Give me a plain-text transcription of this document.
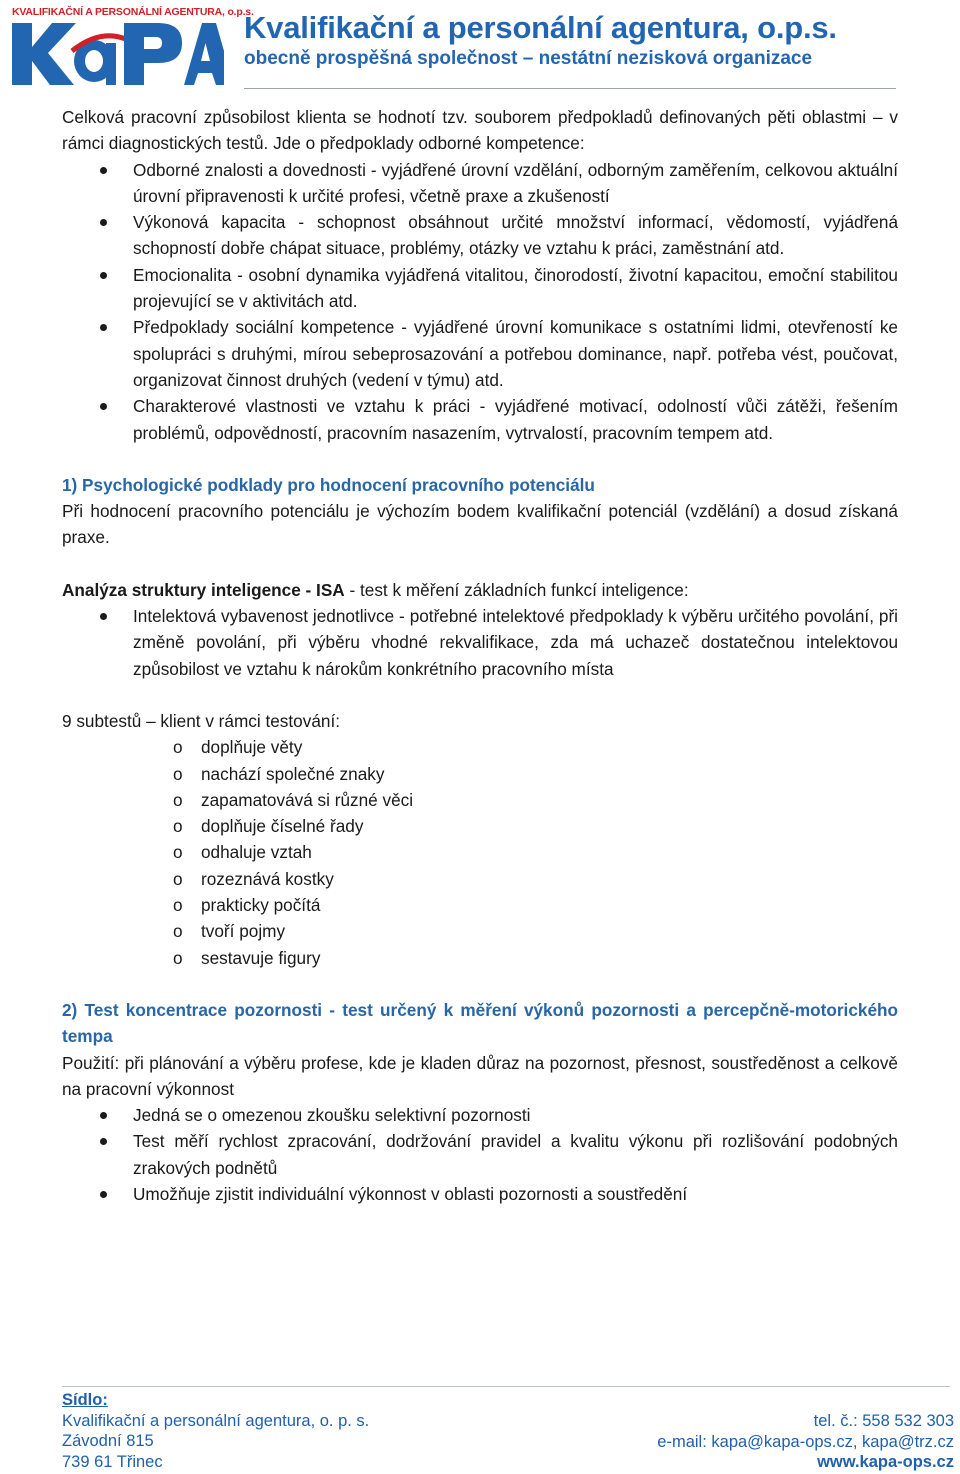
KVALIFIKAČNÍ A PERSONÁLNÍ AGENTURA, o.p.s.
Kvalifikační a personální agentura, o.p.s.
obecně prospěšná společnost – nestátní nezisková organizace

Celková pracovní způsobilost klienta se hodnotí tzv. souborem předpokladů definovaných pěti oblastmi – v rámci diagnostických testů. Jde o předpoklady odborné kompetence:

Odborné znalosti a dovednosti - vyjádřené úrovní vzdělání, odborným zaměřením, celkovou aktuální úrovní připravenosti k určité profesi, včetně praxe a zkušeností
Výkonová kapacita - schopnost obsáhnout určité množství informací, vědomostí, vyjádřená schopností dobře chápat situace, problémy, otázky ve vztahu k práci, zaměstnání atd.
Emocionalita - osobní dynamika vyjádřená vitalitou, činorodostí, životní kapacitou, emoční stabilitou projevující se v aktivitách atd.
Předpoklady sociální kompetence - vyjádřené úrovní komunikace s ostatními lidmi, otevřeností ke spolupráci s druhými, mírou sebeprosazování a potřebou dominance, např. potřeba vést, poučovat, organizovat činnost druhých (vedení v týmu) atd.
Charakterové vlastnosti ve vztahu k práci - vyjádřené motivací, odolností vůči zátěži, řešením problémů, odpovědností, pracovním nasazením, vytrvalostí, pracovním tempem atd.

1) Psychologické podklady pro hodnocení pracovního potenciálu

Při hodnocení pracovního potenciálu je výchozím bodem kvalifikační potenciál (vzdělání) a dosud získaná praxe.

Analýza struktury inteligence - ISA - test k měření základních funkcí inteligence:

Intelektová vybavenost jednotlivce - potřebné intelektové předpoklady k výběru určitého povolání, při změně povolání, při výběru vhodné rekvalifikace, zda má uchazeč dostatečnou intelektovou způsobilost ve vztahu k nárokům konkrétního pracovního místa

9 subtestů – klient v rámci testování:

o doplňuje věty
o nachází společné znaky
o zapamatovává si různé věci
o doplňuje číselné řady
o odhaluje vztah
o rozeznává kostky
o prakticky počítá
o tvoří pojmy
o sestavuje figury

2) Test koncentrace pozornosti - test určený k měření výkonů pozornosti a percepčně-motorického tempa

Použití: při plánování a výběru profese, kde je kladen důraz na pozornost, přesnost, soustředěnost a celkově na pracovní výkonnost

Jedná se o omezenou zkoušku selektivní pozornosti
Test měří rychlost zpracování, dodržování pravidel a kvalitu výkonu při rozlišování podobných zrakových podnětů
Umožňuje zjistit individuální výkonnost v oblasti pozornosti a soustředění
Sídlo:
Kvalifikační a personální agentura, o. p. s.
Závodní 815
739 61 Třinec
tel. č.: 558 532 303
e-mail: kapa@kapa-ops.cz, kapa@trz.cz
www.kapa-ops.cz
